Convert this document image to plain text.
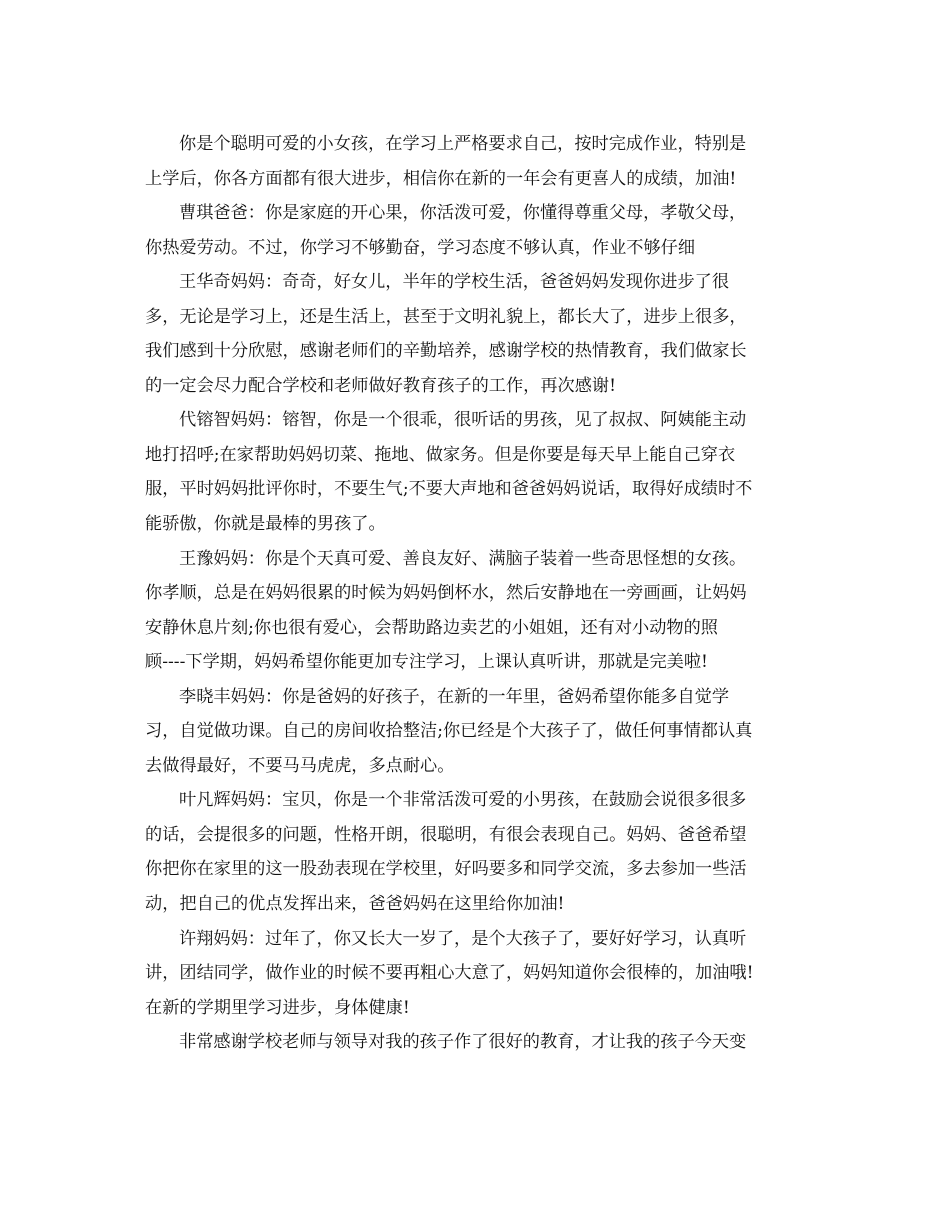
你是个聪明可爱的小女孩，在学习上严格要求自己，按时完成作业，特别是
上学后，你各方面都有很大进步，相信你在新的一年会有更喜人的成绩，加油!
曹琪爸爸：你是家庭的开心果，你活泼可爱，你懂得尊重父母，孝敬父母，
你热爱劳动。不过，你学习不够勤奋，学习态度不够认真，作业不够仔细
王华奇妈妈：奇奇，好女儿，半年的学校生活，爸爸妈妈发现你进步了很
多，无论是学习上，还是生活上，甚至于文明礼貌上，都长大了，进步上很多，
我们感到十分欣慰，感谢老师们的辛勤培养，感谢学校的热情教育，我们做家长
的一定会尽力配合学校和老师做好教育孩子的工作，再次感谢!
代镕智妈妈：镕智，你是一个很乖，很听话的男孩，见了叔叔、阿姨能主动
地打招呼;在家帮助妈妈切菜、拖地、做家务。但是你要是每天早上能自己穿衣
服，平时妈妈批评你时，不要生气;不要大声地和爸爸妈妈说话，取得好成绩时不
能骄傲，你就是最棒的男孩了。
王豫妈妈：你是个天真可爱、善良友好、满脑子装着一些奇思怪想的女孩。
你孝顺，总是在妈妈很累的时候为妈妈倒杯水，然后安静地在一旁画画，让妈妈
安静休息片刻;你也很有爱心，会帮助路边卖艺的小姐姐，还有对小动物的照
顾----下学期，妈妈希望你能更加专注学习，上课认真听讲，那就是完美啦!
李晓丰妈妈：你是爸妈的好孩子，在新的一年里，爸妈希望你能多自觉学
习，自觉做功课。自己的房间收拾整洁;你已经是个大孩子了，做任何事情都认真
去做得最好，不要马马虎虎，多点耐心。
叶凡辉妈妈：宝贝，你是一个非常活泼可爱的小男孩，在鼓励会说很多很多
的话，会提很多的问题，性格开朗，很聪明，有很会表现自己。妈妈、爸爸希望
你把你在家里的这一股劲表现在学校里，好吗要多和同学交流，多去参加一些活
动，把自己的优点发挥出来，爸爸妈妈在这里给你加油!
许翔妈妈：过年了，你又长大一岁了，是个大孩子了，要好好学习，认真听
讲，团结同学，做作业的时候不要再粗心大意了，妈妈知道你会很棒的，加油哦!
在新的学期里学习进步，身体健康!
非常感谢学校老师与领导对我的孩子作了很好的教育，才让我的孩子今天变
